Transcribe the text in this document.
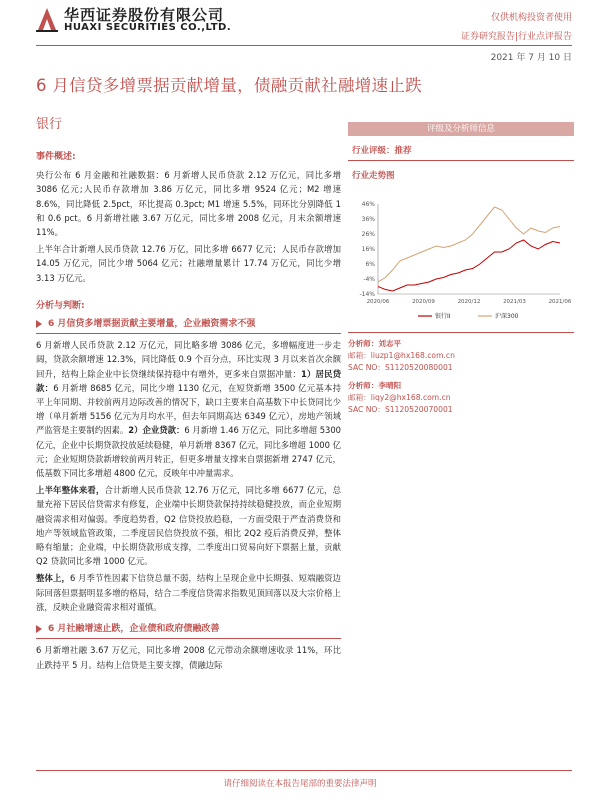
华西证券股份有限公司
HUAXI SECURITIES CO.,LTD.
仅供机构投资者使用
证券研究报告|行业点评报告
2021 年 7 月 10 日
6 月信贷多增票据贡献增量，债融贡献社融增速止跌
银行
事件概述:
央行公布 6 月金融和社融数据：6 月新增人民币贷款 2.12 万亿元，同比多增 3086 亿元;人民币存款增加 3.86 万亿元，同比多增 9524 亿元；M2 增速 8.6%，同比降低 2.5pct，环比提高 0.3pct; M1 增速 5.5%，同环比分别降低 1 和 0.6 pct。6 月新增社融 3.67 万亿元，同比多增 2008 亿元，月末余额增速 11%。
上半年合计新增人民币贷款 12.76 万亿，同比多增 6677 亿元；人民币存款增加 14.05 万亿元，同比少增 5064 亿元；社融增量累计 17.74 万亿元，同比少增 3.13 万亿元。
分析与判断:
6 月信贷多增票据贡献主要增量，企业融资需求不强
6 月新增人民币贷款 2.12 万亿元，同比略多增 3086 亿元，多增幅度进一步走阔，贷款余额增速 12.3%，同比降低 0.9 个百分点，环比实现 3 月以来首次余额回升，结构上除企业中长贷继续保持稳中有增外，更多来自票据冲量：1）居民贷款：6 月新增 8685 亿元，同比少增 1130 亿元，在短贷新增 3500 亿元基本持平上年同期、并较前两月边际改善的情况下，缺口主要来自高基数下中长贷同比少增（单月新增 5156 亿元为月均水平，但去年同期高达 6349 亿元），房地产领域严监管是主要制约因素。2）企业贷款：6 月新增 1.46 万亿元，同比多增超 5300 亿元，企业中长期贷款投放延续稳健，单月新增 8367 亿元，同比多增超 1000 亿元；企业短期贷款新增较前两月转正，但更多增量支撑来自票据新增 2747 亿元，低基数下同比多增超 4800 亿元，反映年中冲量需求。
上半年整体来看，合计新增人民币贷款 12.76 万亿元，同比多增 6677 亿元，总量充裕下居民信贷需求有修复，企业端中长期贷款保持持续稳健投放，而企业短期融资需求相对偏弱。季度趋势看，Q2 信贷投放趋稳，一方面受限于严查消费贷和地产等领域监管政策，二季度居民信贷投放不强，相比 2Q2 疫后消费反弹，整体略有缩量；企业端，中长期贷款形成支撑，二季度出口贸易向好下票据上量，贡献 Q2 贷款同比多增 1000 亿元。
整体上，6 月季节性因素下信贷总量不弱，结构上呈现企业中长期强、短端融资边际回落但票据明显多增的格局，结合二季度信贷需求指数见顶回落以及大宗价格上涨，反映企业融资需求相对谨慎。
6 月社融增速止跌，企业债和政府债融改善
6 月新增社融 3.67 万亿元，同比多增 2008 亿元带动余额增速收录 11%，环比止跌持平 5 月。结构上信贷是主要支撑，债融边际
评级及分析师信息
行业评级：推荐
行业走势图
-14%
-4%
6%
16%
26%
36%
46%
2020/06	2020/09	2020/12	2021/03	2021/06
银行II	沪深300
分析师：刘志平
邮箱：liuzp1@hx168.com.cn
SAC NO：S1120520080001
分析师：李晴阳
邮箱：liqy2@hx168.com.cn
SAC NO：S1120520070001
请仔细阅读在本报告尾部的重要法律声明
